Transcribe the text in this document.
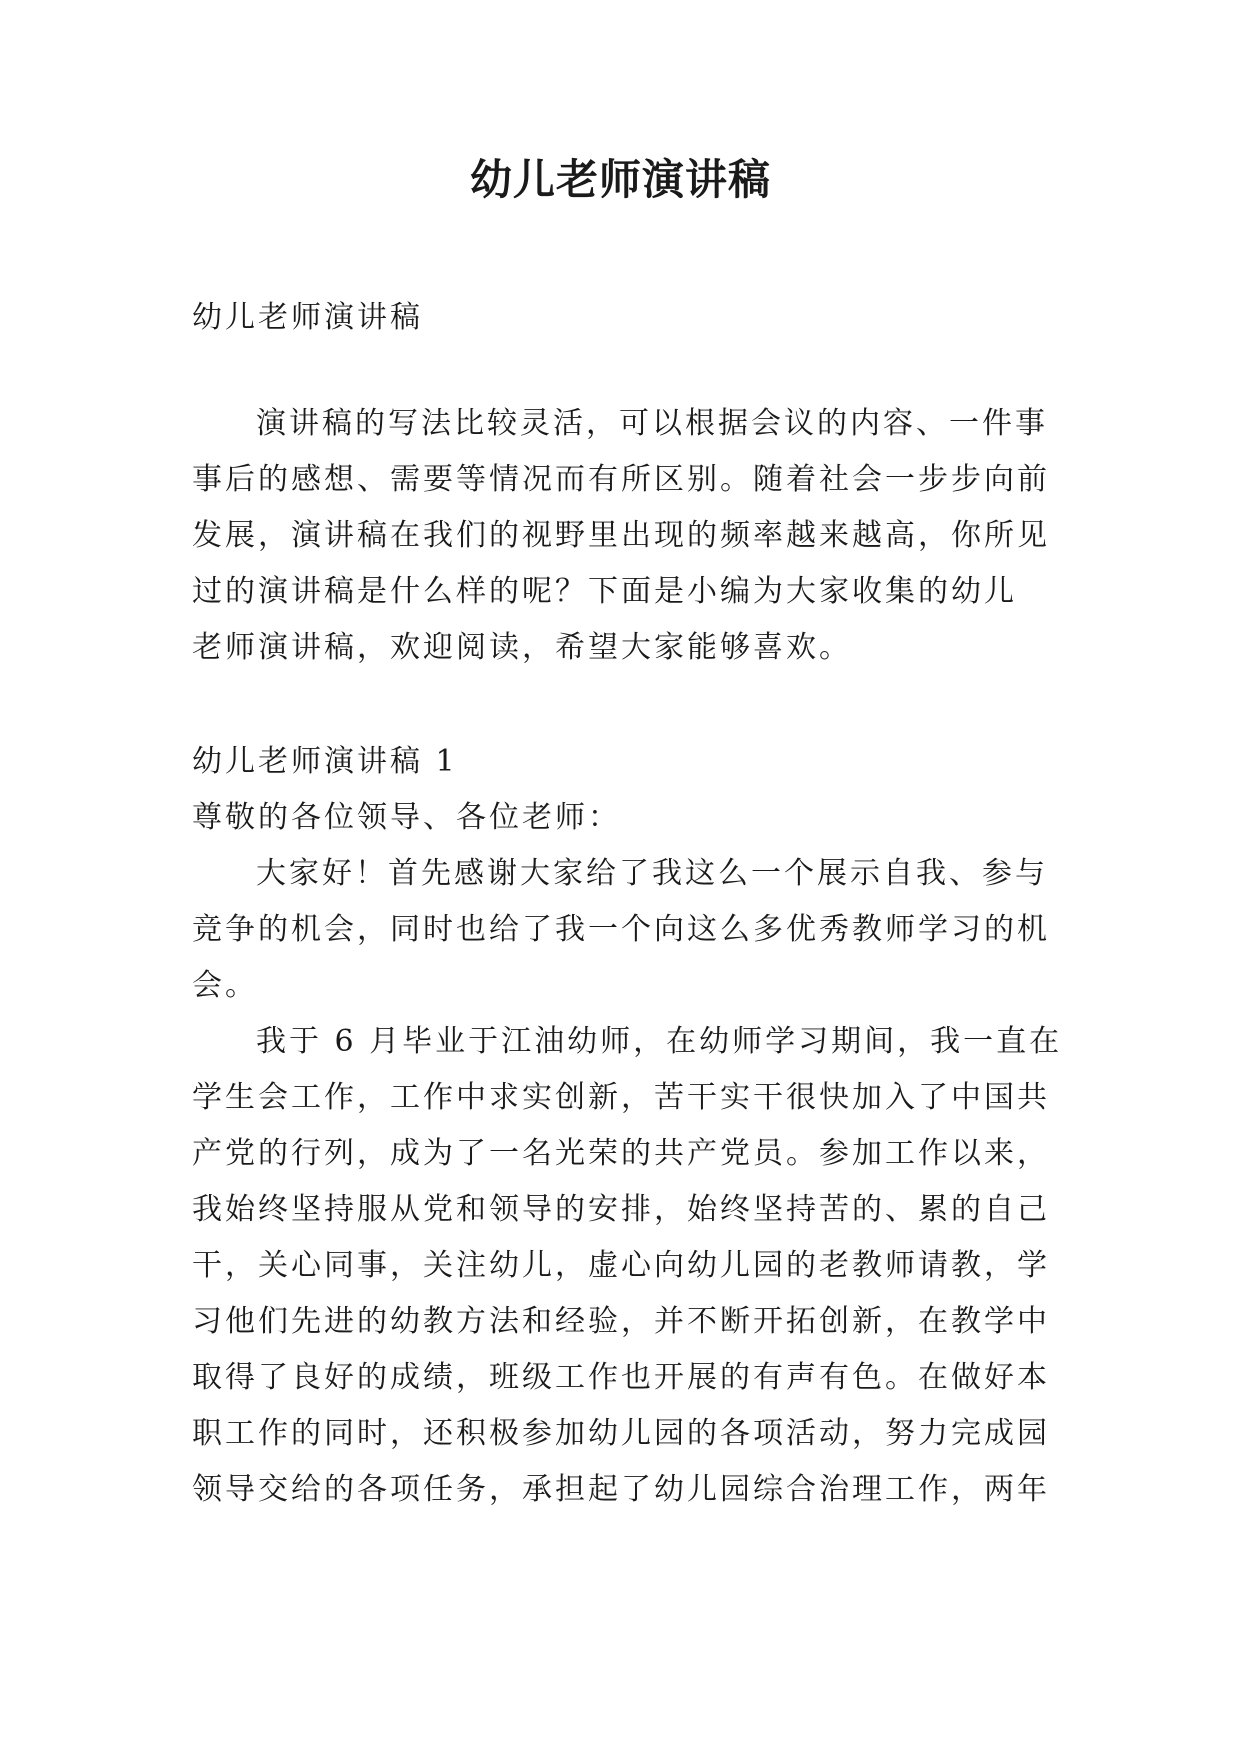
幼儿老师演讲稿

幼儿老师演讲稿

演讲稿的写法比较灵活，可以根据会议的内容、一件事

事后的感想、需要等情况而有所区别。随着社会一步步向前

发展，演讲稿在我们的视野里出现的频率越来越高，你所见

过的演讲稿是什么样的呢？下面是小编为大家收集的幼儿

老师演讲稿，欢迎阅读，希望大家能够喜欢。

幼儿老师演讲稿 1

尊敬的各位领导、各位老师：

大家好！首先感谢大家给了我这么一个展示自我、参与

竞争的机会，同时也给了我一个向这么多优秀教师学习的机

会。

我于 6 月毕业于江油幼师，在幼师学习期间，我一直在

学生会工作，工作中求实创新，苦干实干很快加入了中国共

产党的行列，成为了一名光荣的共产党员。参加工作以来，

我始终坚持服从党和领导的安排，始终坚持苦的、累的自己

干，关心同事，关注幼儿，虚心向幼儿园的老教师请教，学

习他们先进的幼教方法和经验，并不断开拓创新，在教学中

取得了良好的成绩，班级工作也开展的有声有色。在做好本

职工作的同时，还积极参加幼儿园的各项活动，努力完成园

领导交给的各项任务，承担起了幼儿园综合治理工作，两年
